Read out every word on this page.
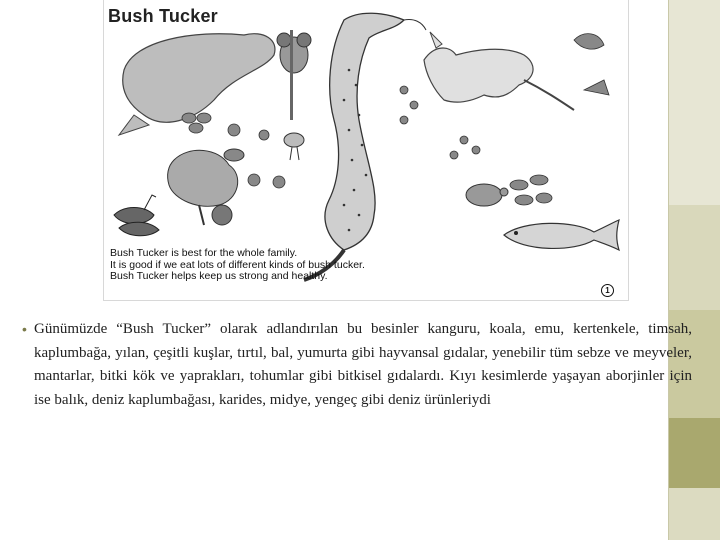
Bush Tucker
Bush Tucker is best for the whole family.
It is good if we eat lots of different kinds of bush tucker.
Bush Tucker helps keep us strong and healthy.
1
• Günümüzde “Bush Tucker” olarak adlandırılan bu besinler kanguru, koala, emu, kertenkele, timsah, kaplumbağa, yılan, çeşitli kuşlar, tırtıl, bal, yumurta gibi hayvansal gıdalar, yenebilir tüm sebze ve meyveler, mantarlar, bitki kök ve yaprakları, tohumlar gibi bitkisel gıdalardı. Kıyı kesimlerde yaşayan aborjinler için ise balık, deniz kaplumbağası, karides, midye, yengeç gibi deniz ürünleriydi
